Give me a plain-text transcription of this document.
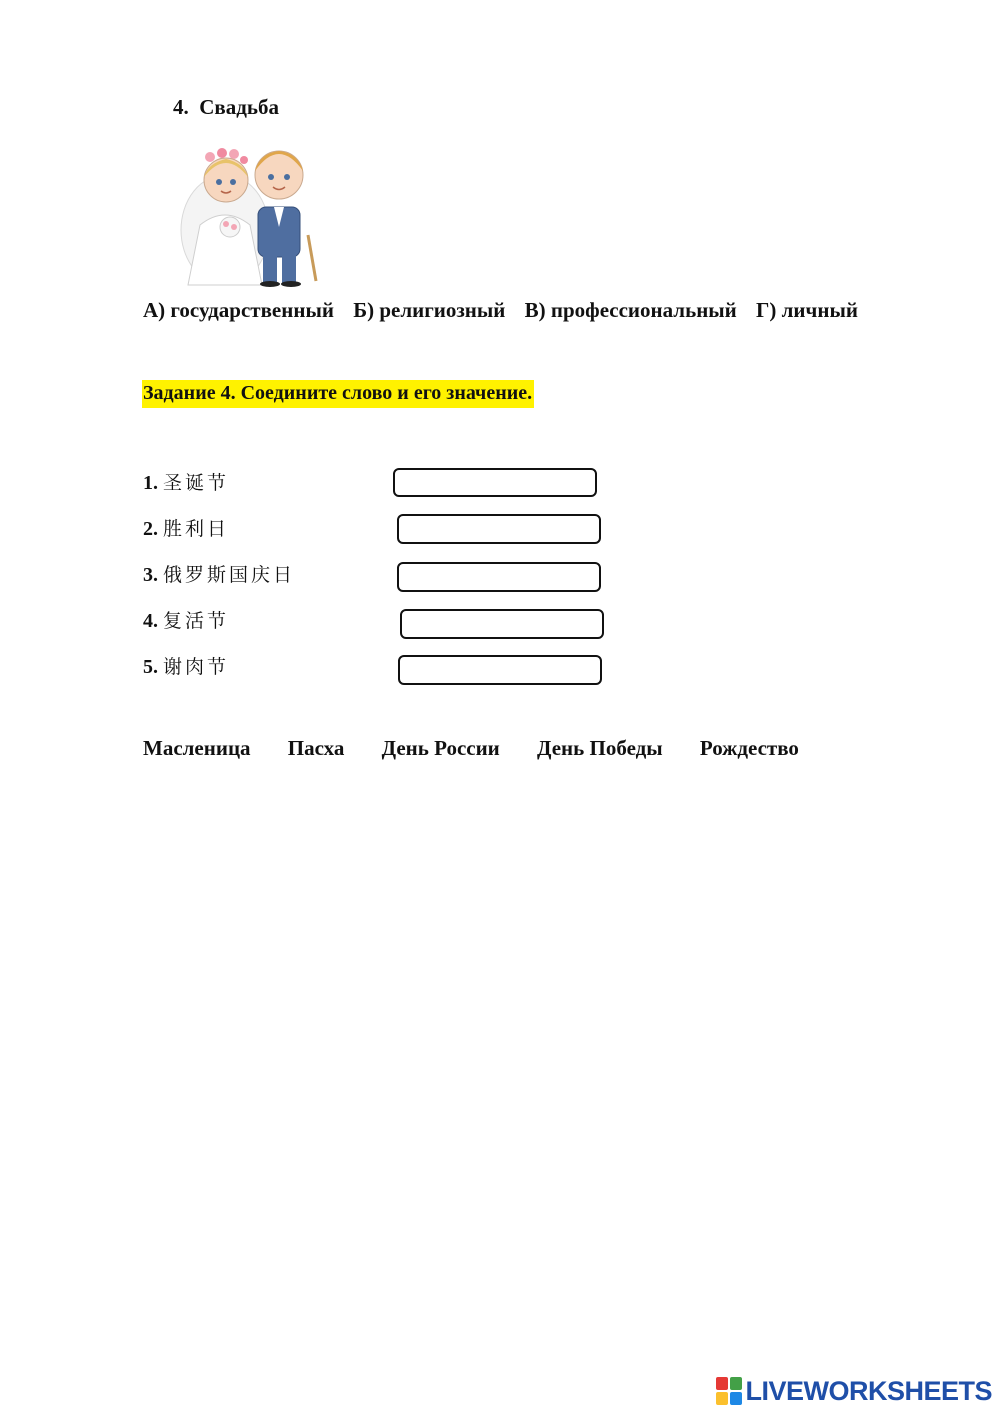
4. Свадьба
А) государственный Б) религиозный В) профессиональный Г) личный
Задание 4. Соедините слово и его значение.
1. 圣诞节
2. 胜利日
3. 俄罗斯国庆日
4. 复活节
5. 谢肉节
Масленица Пасха День России День Победы Рождество
LIVEWORKSHEETS
